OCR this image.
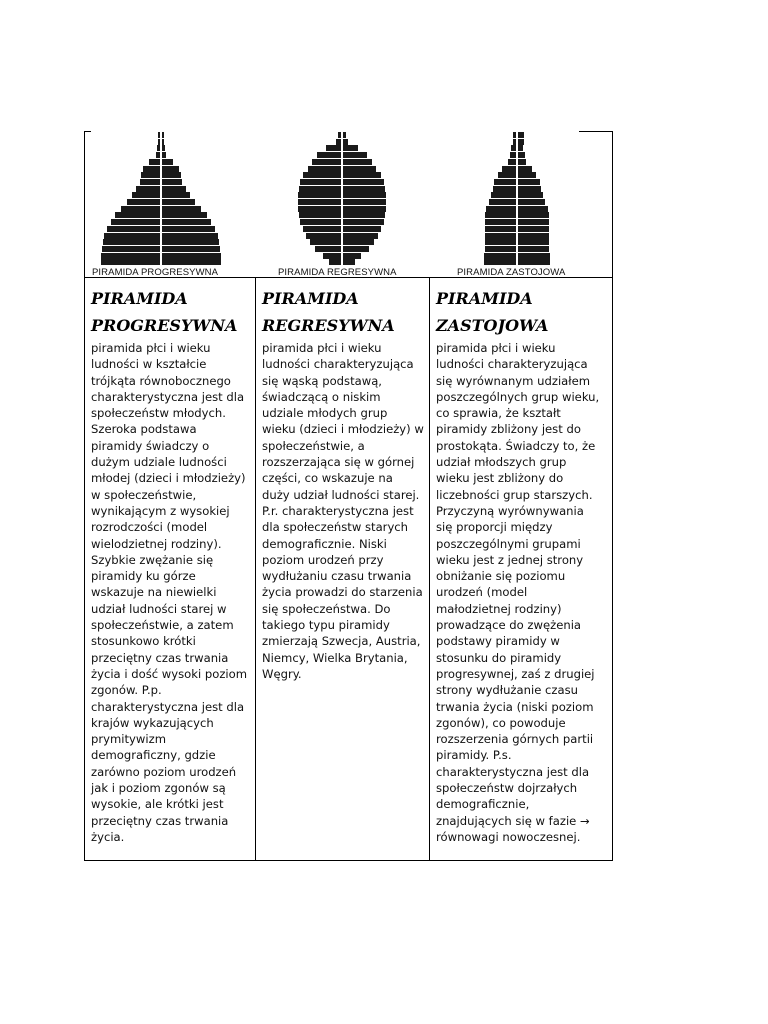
PIRAMIDA PROGRESYWNA	PIRAMIDA REGRESYWNA	PIRAMIDA ZASTOJOWA
PIRAMIDA
PROGRESYWNA
piramida płci i wieku ludności w kształcie trójkąta równobocznego charakterystyczna jest dla społeczeństw młodych. Szeroka podstawa piramidy świadczy o dużym udziale ludności młodej (dzieci i młodzieży) w społeczeństwie, wynikającym z wysokiej rozrodczości (model wielodzietnej rodziny). Szybkie zwężanie się piramidy ku górze wskazuje na niewielki udział ludności starej w społeczeństwie, a zatem stosunkowo krótki przeciętny czas trwania życia i dość wysoki poziom zgonów. P.p. charakterystyczna jest dla krajów wykazujących prymitywizm demograficzny, gdzie zarówno poziom urodzeń jak i poziom zgonów są wysokie, ale krótki jest przeciętny czas trwania życia.
PIRAMIDA
REGRESYWNA
piramida płci i wieku ludności charakteryzująca się wąską podstawą, świadczącą o niskim udziale młodych grup wieku (dzieci i młodzieży) w społeczeństwie, a rozszerzająca się w górnej części, co wskazuje na duży udział ludności starej. P.r. charakterystyczna jest dla społeczeństw starych demograficznie. Niski poziom urodzeń przy wydłużaniu czasu trwania życia prowadzi do starzenia się społeczeństwa. Do takiego typu piramidy zmierzają Szwecja, Austria, Niemcy, Wielka Brytania, Węgry.
PIRAMIDA
ZASTOJOWA
piramida płci i wieku ludności charakteryzująca się wyrównanym udziałem poszczególnych grup wieku, co sprawia, że kształt piramidy zbliżony jest do prostokąta. Świadczy to, że udział młodszych grup wieku jest zbliżony do liczebności grup starszych. Przyczyną wyrównywania się proporcji między poszczególnymi grupami wieku jest z jednej strony obniżanie się poziomu urodzeń (model małodzietnej rodziny) prowadzące do zwężenia podstawy piramidy w stosunku do piramidy progresywnej, zaś z drugiej strony wydłużanie czasu trwania życia (niski poziom zgonów), co powoduje rozszerzenia górnych partii piramidy. P.s. charakterystyczna jest dla społeczeństw dojrzałych demograficznie, znajdujących się w fazie → równowagi nowoczesnej.
